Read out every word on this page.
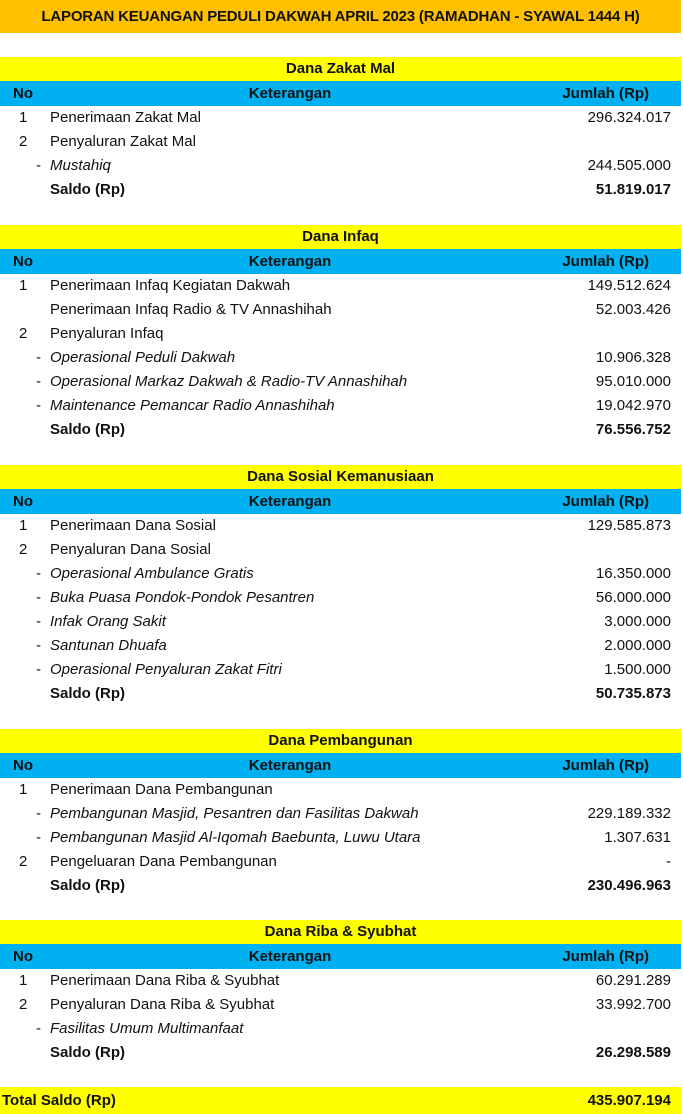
LAPORAN KEUANGAN PEDULI DAKWAH APRIL 2023 (RAMADHAN - SYAWAL 1444 H)
Dana Zakat Mal
No	Keterangan	Jumlah (Rp)
1	Penerimaan Zakat Mal	296.324.017
2	Penyaluran Zakat Mal
- Mustahiq	244.505.000
Saldo (Rp)	51.819.017
Dana Infaq
No	Keterangan	Jumlah (Rp)
1	Penerimaan Infaq Kegiatan Dakwah	149.512.624
Penerimaan Infaq Radio & TV Annashihah	52.003.426
2	Penyaluran Infaq
- Operasional Peduli Dakwah	10.906.328
- Operasional Markaz Dakwah & Radio-TV Annashihah	95.010.000
- Maintenance Pemancar Radio Annashihah	19.042.970
Saldo (Rp)	76.556.752
Dana Sosial Kemanusiaan
No	Keterangan	Jumlah (Rp)
1	Penerimaan Dana Sosial	129.585.873
2	Penyaluran Dana Sosial
- Operasional Ambulance Gratis	16.350.000
- Buka Puasa Pondok-Pondok Pesantren	56.000.000
- Infak Orang Sakit	3.000.000
- Santunan Dhuafa	2.000.000
- Operasional Penyaluran Zakat Fitri	1.500.000
Saldo (Rp)	50.735.873
Dana Pembangunan
No	Keterangan	Jumlah (Rp)
1	Penerimaan Dana Pembangunan
- Pembangunan Masjid, Pesantren dan Fasilitas Dakwah	229.189.332
- Pembangunan Masjid Al-Iqomah Baebunta, Luwu Utara	1.307.631
2	Pengeluaran Dana Pembangunan	-
Saldo (Rp)	230.496.963
Dana Riba & Syubhat
No	Keterangan	Jumlah (Rp)
1	Penerimaan Dana Riba & Syubhat	60.291.289
2	Penyaluran Dana Riba & Syubhat	33.992.700
- Fasilitas Umum Multimanfaat
Saldo (Rp)	26.298.589
Total Saldo (Rp)	435.907.194
